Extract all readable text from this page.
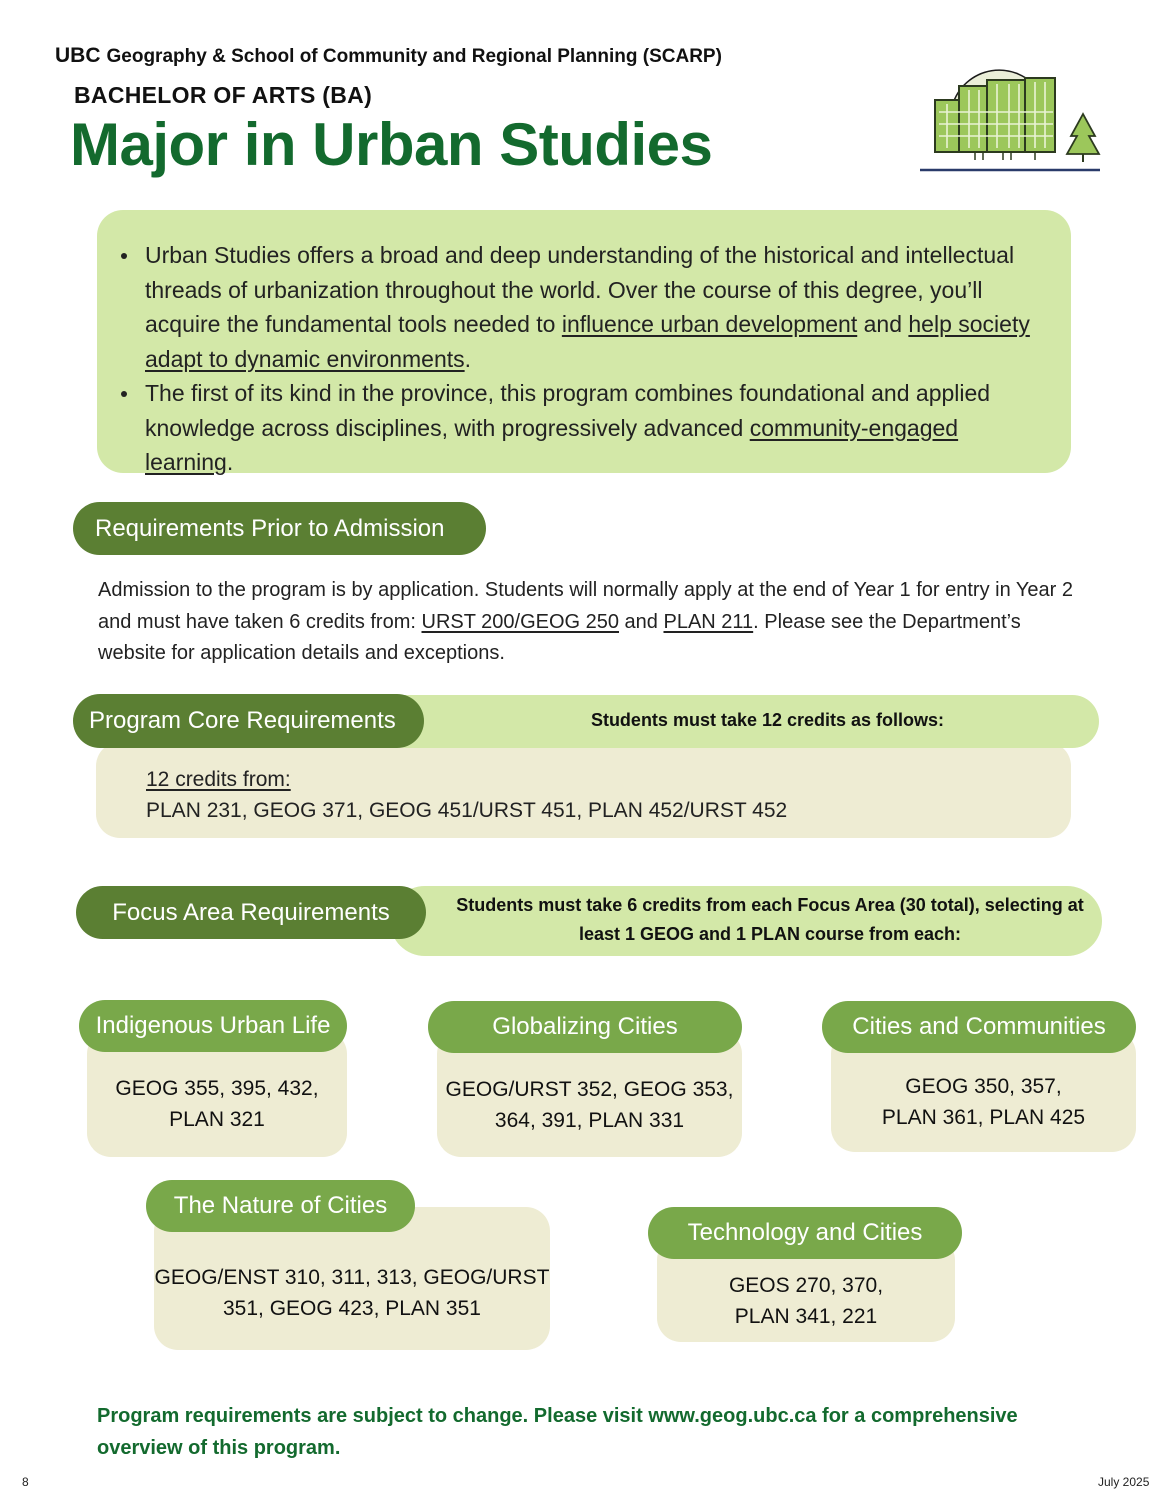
UBC Geography & School of Community and Regional Planning (SCARP)
BACHELOR OF ARTS (BA)
Major in Urban Studies
Urban Studies offers a broad and deep understanding of the historical and intellectual threads of urbanization throughout the world. Over the course of this degree, you’ll acquire the fundamental tools needed to influence urban development and help society adapt to dynamic environments.
The first of its kind in the province, this program combines foundational and applied knowledge across disciplines, with progressively advanced community-engaged learning.
Requirements Prior to Admission
Admission to the program is by application. Students will normally apply at the end of Year 1 for entry in Year 2 and must have taken 6 credits from: URST 200/GEOG 250 and PLAN 211. Please see the Department’s website for application details and exceptions.
12 credits from:
PLAN 231, GEOG 371, GEOG 451/URST 451, PLAN 452/URST 452
Students must take 12 credits as follows:
Program Core Requirements
Students must take 6 credits from each Focus Area (30 total), selecting at least 1 GEOG and 1 PLAN course from each:
Focus Area Requirements
GEOG 355, 395, 432,
PLAN 321
Indigenous Urban Life
GEOG/URST 352, GEOG 353,
364, 391, PLAN 331
Globalizing Cities
GEOG 350, 357,
PLAN 361, PLAN 425
Cities and Communities
GEOG/ENST 310, 311, 313, GEOG/URST
351, GEOG 423, PLAN 351
The Nature of Cities
GEOS 270, 370,
PLAN 341, 221
Technology and Cities
Program requirements are subject to change. Please visit www.geog.ubc.ca for a comprehensive overview of this program.
8	July 2025
